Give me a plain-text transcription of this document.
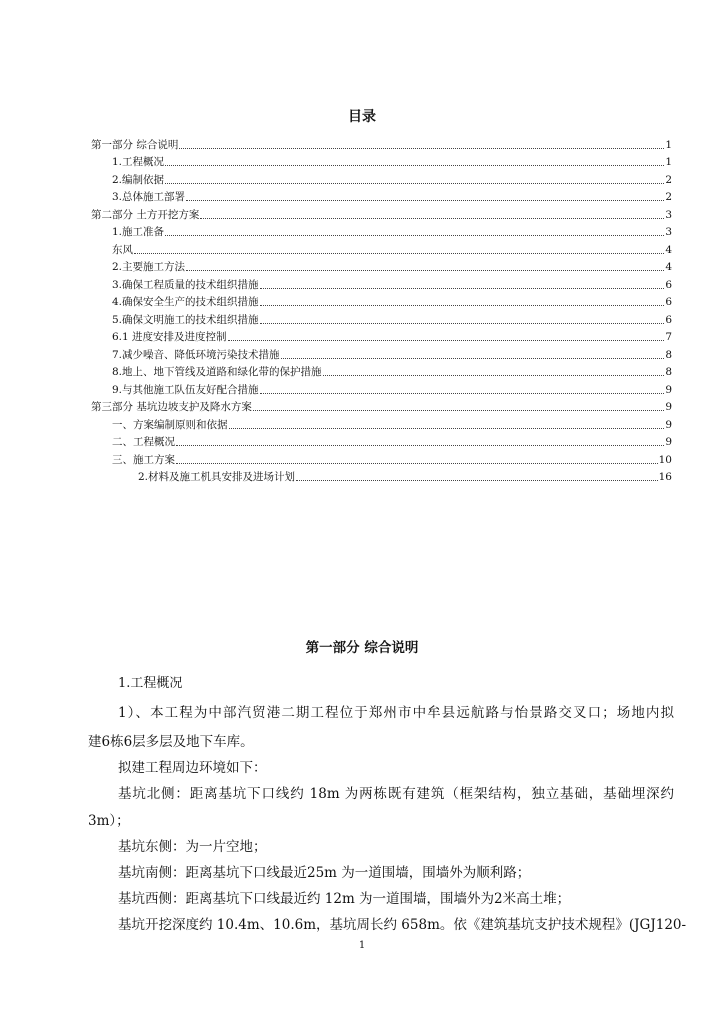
目录
第一部分 综合说明	1
1.工程概况	1
2.编制依据	2
3.总体施工部署	2
第二部分 土方开挖方案	3
1.施工准备	3
东风	4
2.主要施工方法	4
3.确保工程质量的技术组织措施	6
4.确保安全生产的技术组织措施	6
5.确保文明施工的技术组织措施	6
6.1 进度安排及进度控制	7
7.减少噪音、降低环境污染技术措施	8
8.地上、地下管线及道路和绿化带的保护措施	8
9.与其他施工队伍友好配合措施	9
第三部分 基坑边坡支护及降水方案	9
一、方案编制原则和依据	9
二、工程概况	9
三、施工方案	10
2.材料及施工机具安排及进场计划	16
第一部分 综合说明
1.工程概况
1）、本工程为中部汽贸港二期工程位于郑州市中牟县远航路与怡景路交叉口；场地内拟
建6栋6层多层及地下车库。
拟建工程周边环境如下：
基坑北侧：距离基坑下口线约 18m 为两栋既有建筑（框架结构，独立基础，基础埋深约
3m）；
基坑东侧：为一片空地；
基坑南侧：距离基坑下口线最近25m 为一道围墙，围墙外为顺利路；
基坑西侧：距离基坑下口线最近约 12m 为一道围墙，围墙外为2米高土堆；
基坑开挖深度约 10.4m、10.6m，基坑周长约 658m。依《建筑基坑支护技术规程》(JGJ120-
1
